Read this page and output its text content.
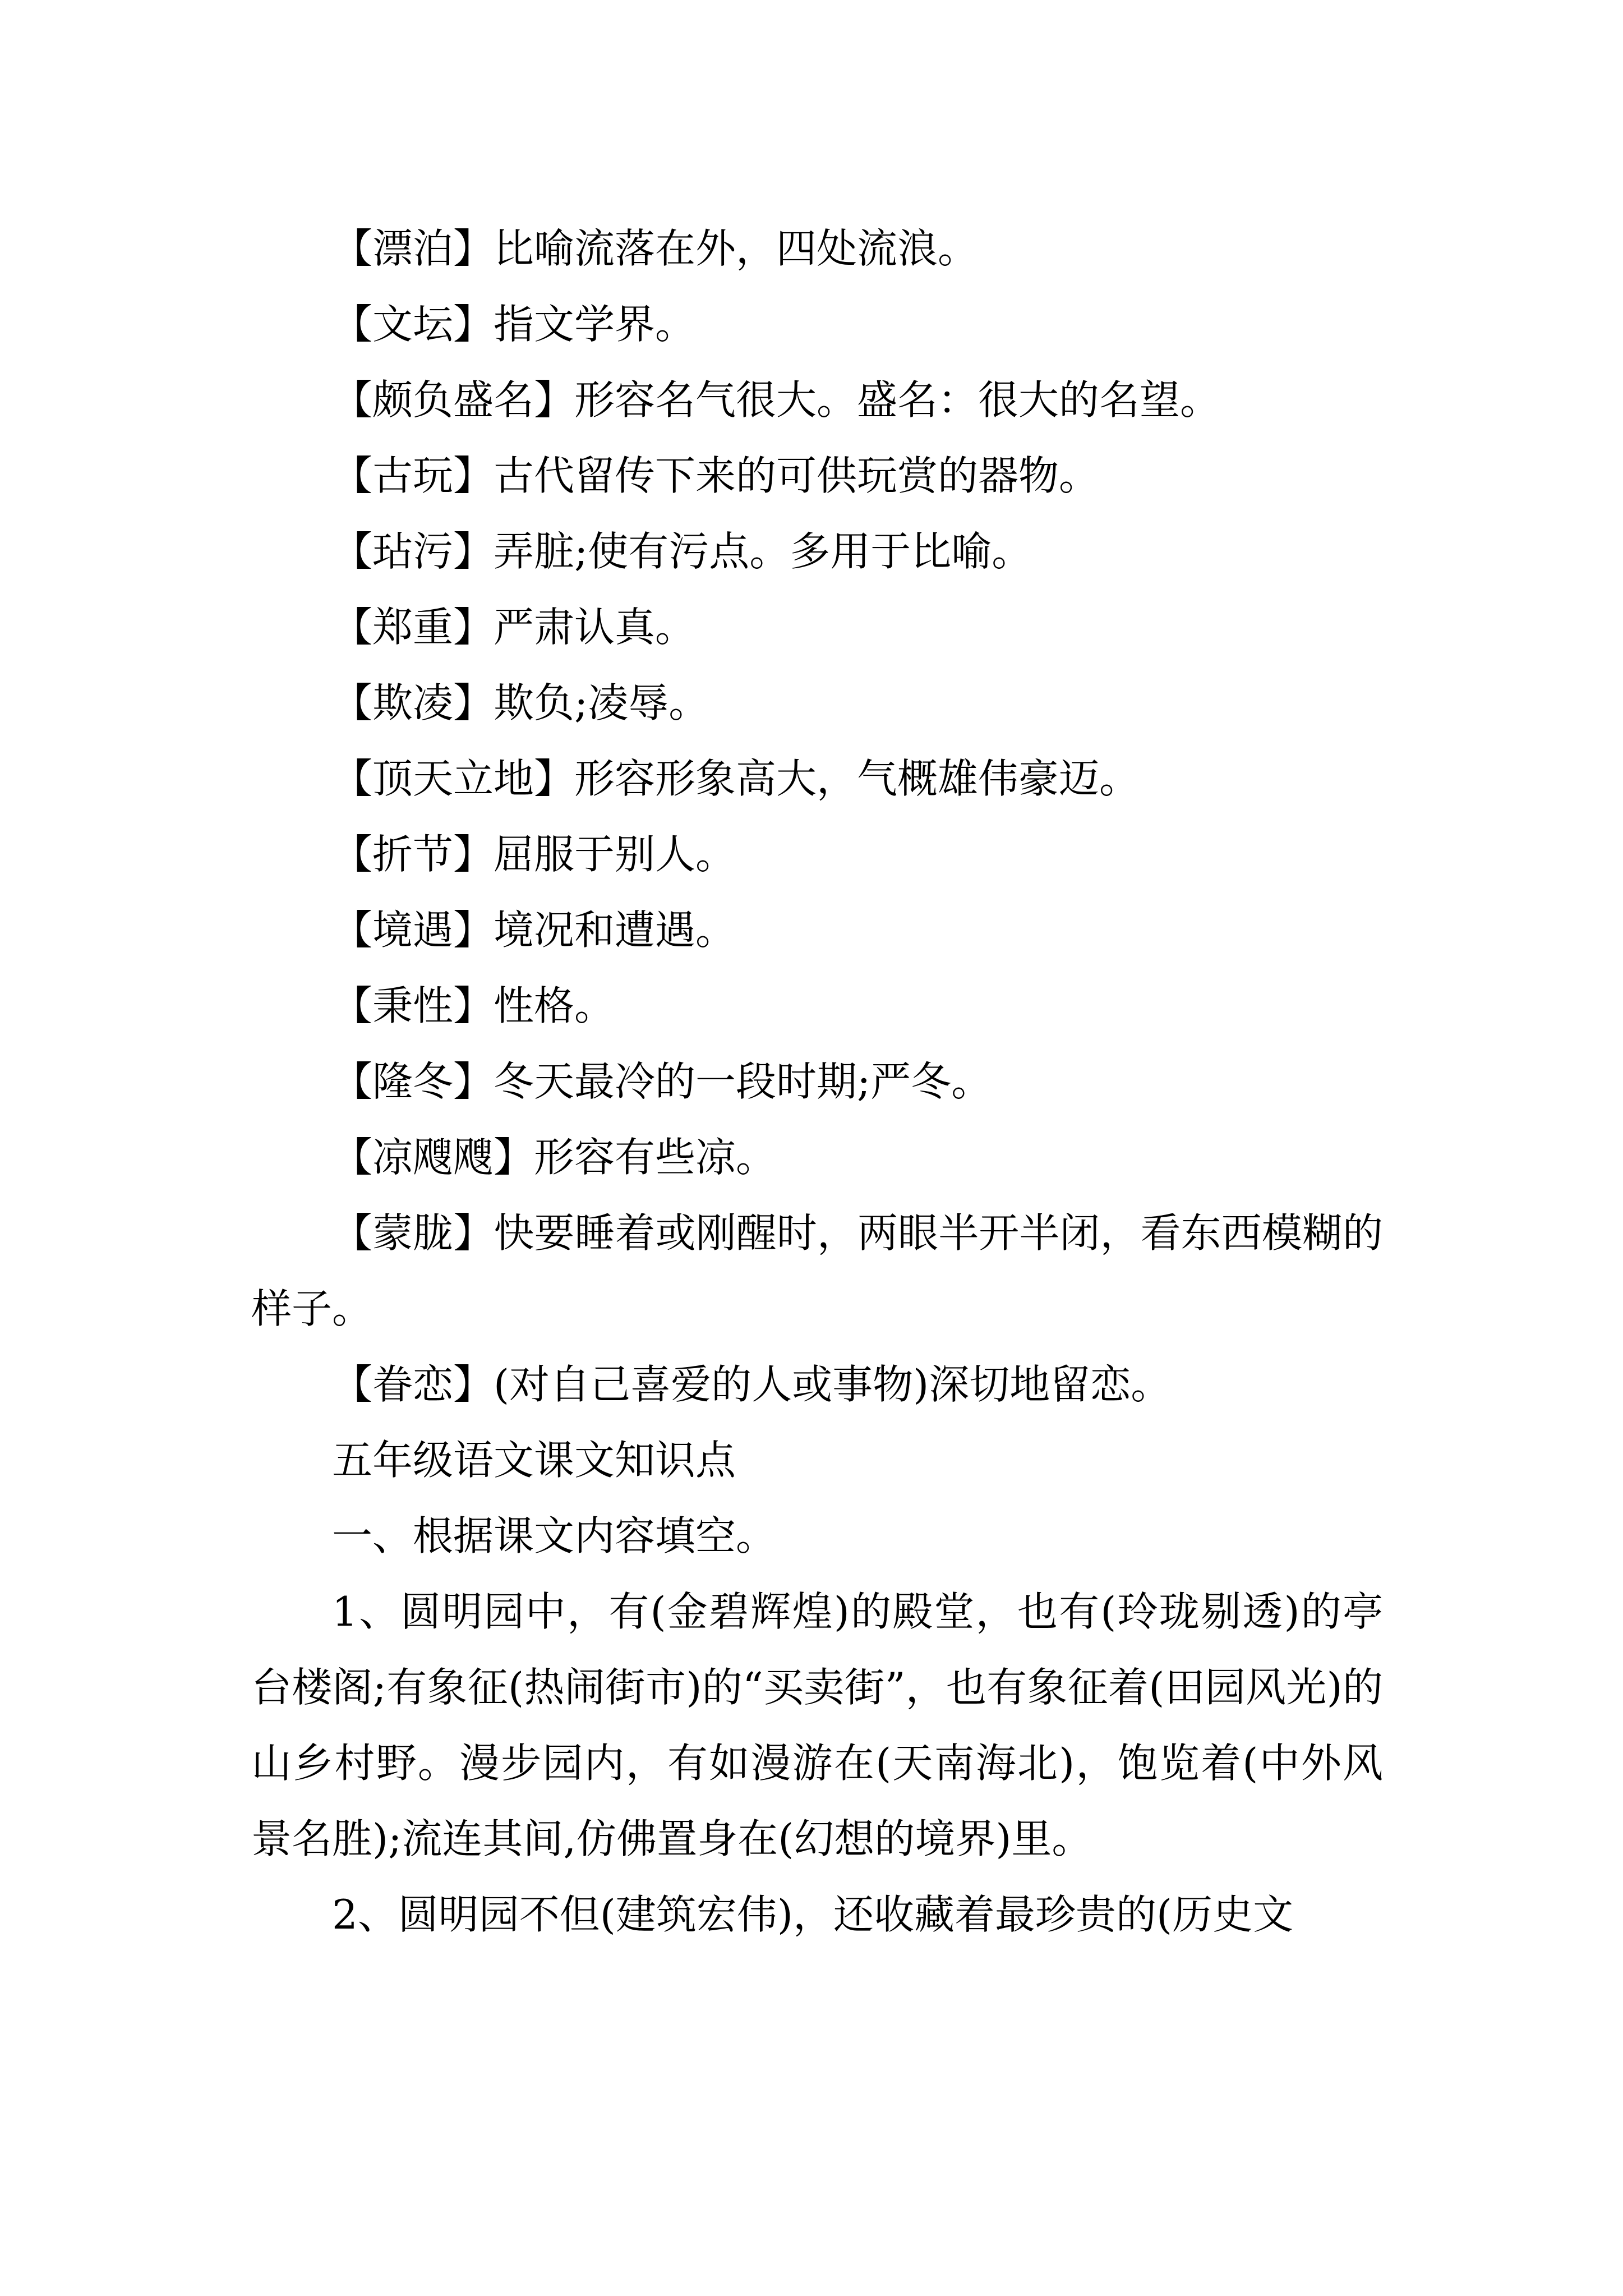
【漂泊】比喻流落在外，四处流浪。

【文坛】指文学界。

【颇负盛名】形容名气很大。盛名：很大的名望。

【古玩】古代留传下来的可供玩赏的器物。

【玷污】弄脏;使有污点。多用于比喻。

【郑重】严肃认真。

【欺凌】欺负;凌辱。

【顶天立地】形容形象高大，气概雄伟豪迈。

【折节】屈服于别人。

【境遇】境况和遭遇。

【秉性】性格。

【隆冬】冬天最冷的一段时期;严冬。

【凉飕飕】形容有些凉。

【蒙胧】快要睡着或刚醒时，两眼半开半闭，看东西模糊的样子。

【眷恋】(对自己喜爱的人或事物)深切地留恋。

五年级语文课文知识点

一、根据课文内容填空。

1、圆明园中，有(金碧辉煌)的殿堂，也有(玲珑剔透)的亭台楼阁;有象征(热闹街市)的“买卖街”，也有象征着(田园风光)的山乡村野。漫步园内，有如漫游在(天南海北)，饱览着(中外风景名胜);流连其间,仿佛置身在(幻想的境界)里。

2、圆明园不但(建筑宏伟)，还收藏着最珍贵的(历史文
